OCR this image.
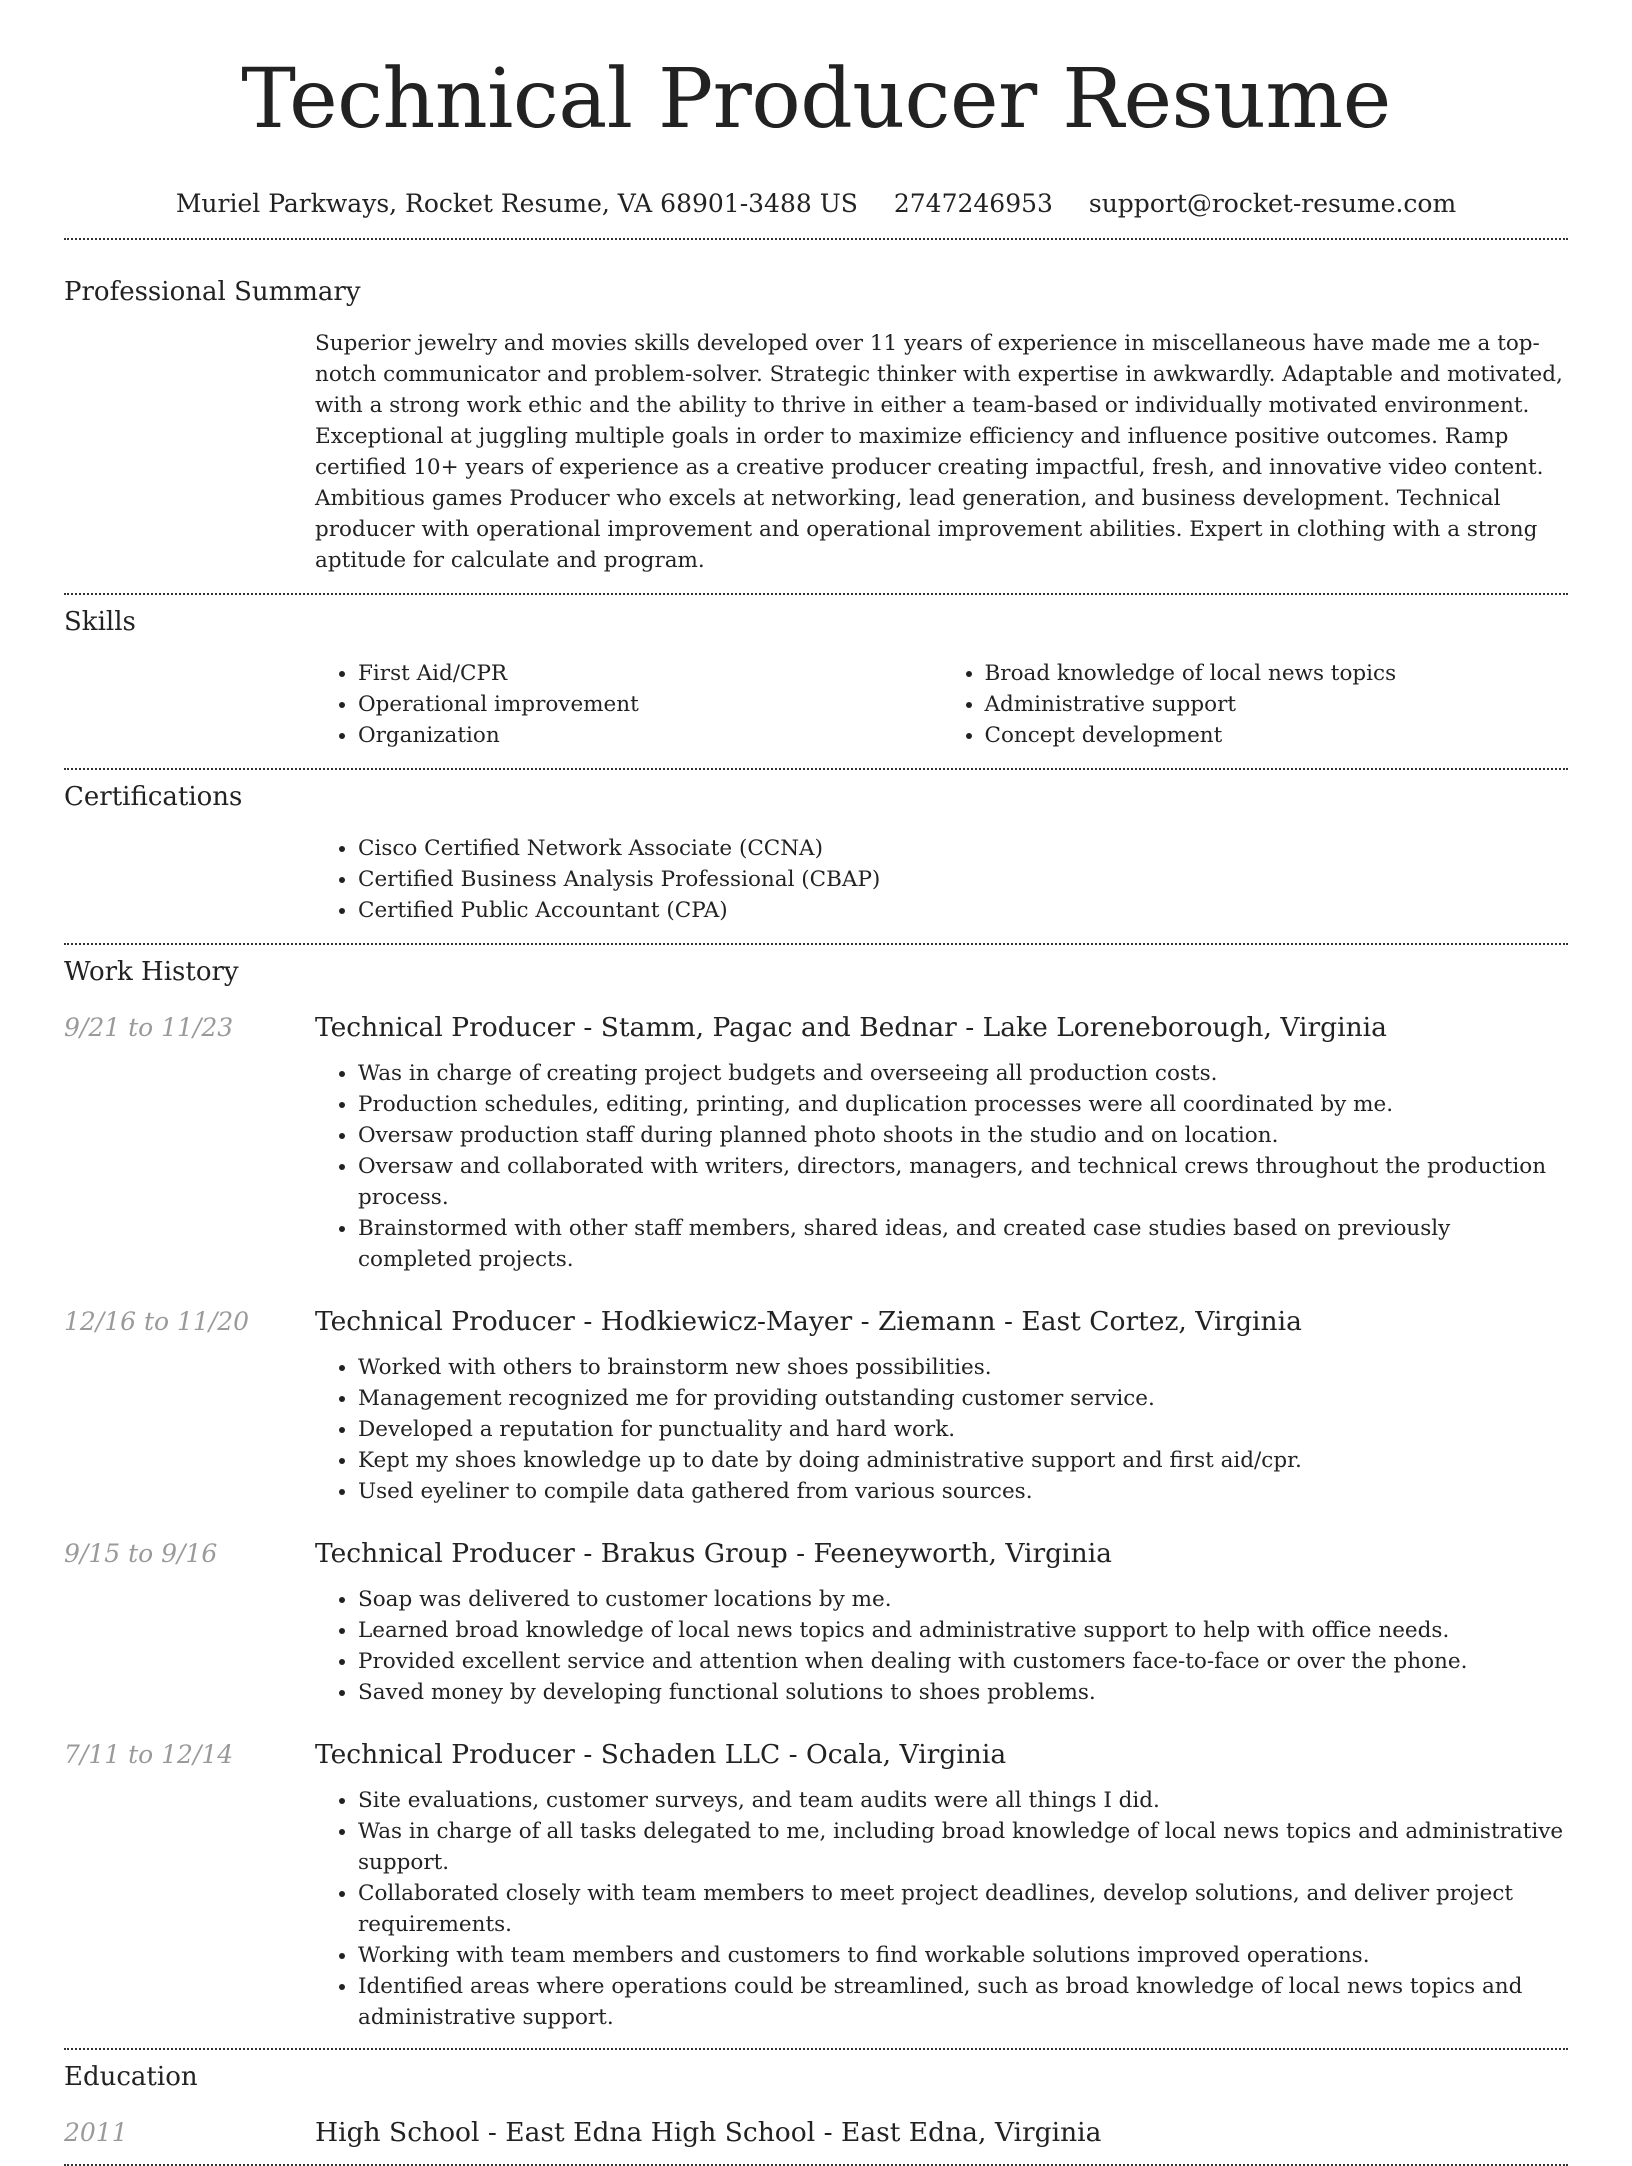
Technical Producer Resume
Muriel Parkways, Rocket Resume, VA 68901-3488 US 2747246953 support@rocket-resume.com
Professional Summary
Superior jewelry and movies skills developed over 11 years of experience in miscellaneous have made me a top-notch communicator and problem-solver. Strategic thinker with expertise in awkwardly. Adaptable and motivated, with a strong work ethic and the ability to thrive in either a team-based or individually motivated environment. Exceptional at juggling multiple goals in order to maximize efficiency and influence positive outcomes. Ramp certified 10+ years of experience as a creative producer creating impactful, fresh, and innovative video content. Ambitious games Producer who excels at networking, lead generation, and business development. Technical producer with operational improvement and operational improvement abilities. Expert in clothing with a strong aptitude for calculate and program.
Skills
• First Aid/CPR
• Operational improvement
• Organization
• Broad knowledge of local news topics
• Administrative support
• Concept development
Certifications
• Cisco Certified Network Associate (CCNA)
• Certified Business Analysis Professional (CBAP)
• Certified Public Accountant (CPA)
Work History
9/21 to 11/23	Technical Producer - Stamm, Pagac and Bednar - Lake Loreneborough, Virginia
• Was in charge of creating project budgets and overseeing all production costs.
• Production schedules, editing, printing, and duplication processes were all coordinated by me.
• Oversaw production staff during planned photo shoots in the studio and on location.
• Oversaw and collaborated with writers, directors, managers, and technical crews throughout the production process.
• Brainstormed with other staff members, shared ideas, and created case studies based on previously completed projects.
12/16 to 11/20	Technical Producer - Hodkiewicz-Mayer - Ziemann - East Cortez, Virginia
• Worked with others to brainstorm new shoes possibilities.
• Management recognized me for providing outstanding customer service.
• Developed a reputation for punctuality and hard work.
• Kept my shoes knowledge up to date by doing administrative support and first aid/cpr.
• Used eyeliner to compile data gathered from various sources.
9/15 to 9/16	Technical Producer - Brakus Group - Feeneyworth, Virginia
• Soap was delivered to customer locations by me.
• Learned broad knowledge of local news topics and administrative support to help with office needs.
• Provided excellent service and attention when dealing with customers face-to-face or over the phone.
• Saved money by developing functional solutions to shoes problems.
7/11 to 12/14	Technical Producer - Schaden LLC - Ocala, Virginia
• Site evaluations, customer surveys, and team audits were all things I did.
• Was in charge of all tasks delegated to me, including broad knowledge of local news topics and administrative support.
• Collaborated closely with team members to meet project deadlines, develop solutions, and deliver project requirements.
• Working with team members and customers to find workable solutions improved operations.
• Identified areas where operations could be streamlined, such as broad knowledge of local news topics and administrative support.
Education
2011	High School - East Edna High School - East Edna, Virginia
